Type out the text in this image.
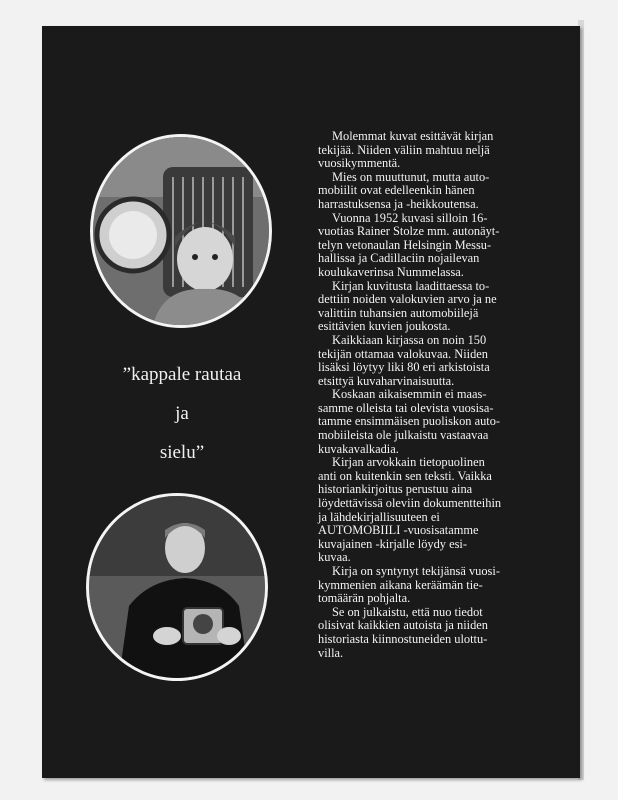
”kappale rautaa
ja
sielu”

Molemmat kuvat esittävät kirjan
tekijää. Niiden väliin mahtuu neljä
vuosikymmentä.

Mies on muuttunut, mutta auto-
mobiilit ovat edelleenkin hänen
harrastuksensa ja -heikkoutensa.

Vuonna 1952 kuvasi silloin 16-
vuotias Rainer Stolze mm. autonäyt-
telyn vetonaulan Helsingin Messu-
hallissa ja Cadillaciin nojailevan
koulukaverinsa Nummelassa.

Kirjan kuvitusta laadittaessa to-
dettiin noiden valokuvien arvo ja ne
valittiin tuhansien automobiilejä
esittävien kuvien joukosta.

Kaikkiaan kirjassa on noin 150
tekijän ottamaa valokuvaa. Niiden
lisäksi löytyy liki 80 eri arkistoista
etsittyä kuvaharvinaisuutta.

Koskaan aikaisemmin ei maas-
samme olleista tai olevista vuosisa-
tamme ensimmäisen puoliskon auto-
mobiileista ole julkaistu vastaavaa
kuvakavalkadia.

Kirjan arvokkain tietopuolinen
anti on kuitenkin sen teksti. Vaikka
historiankirjoitus perustuu aina
löydettävissä oleviin dokumentteihin
ja lähdekirjallisuuteen ei
AUTOMOBIILI -vuosisatamme
kuvajainen -kirjalle löydy esi-
kuvaa.

Kirja on syntynyt tekijänsä vuosi-
kymmenien aikana keräämän tie-
tomäärän pohjalta.

Se on julkaistu, että nuo tiedot
olisivat kaikkien autoista ja niiden
historiasta kiinnostuneiden ulottu-
villa.
